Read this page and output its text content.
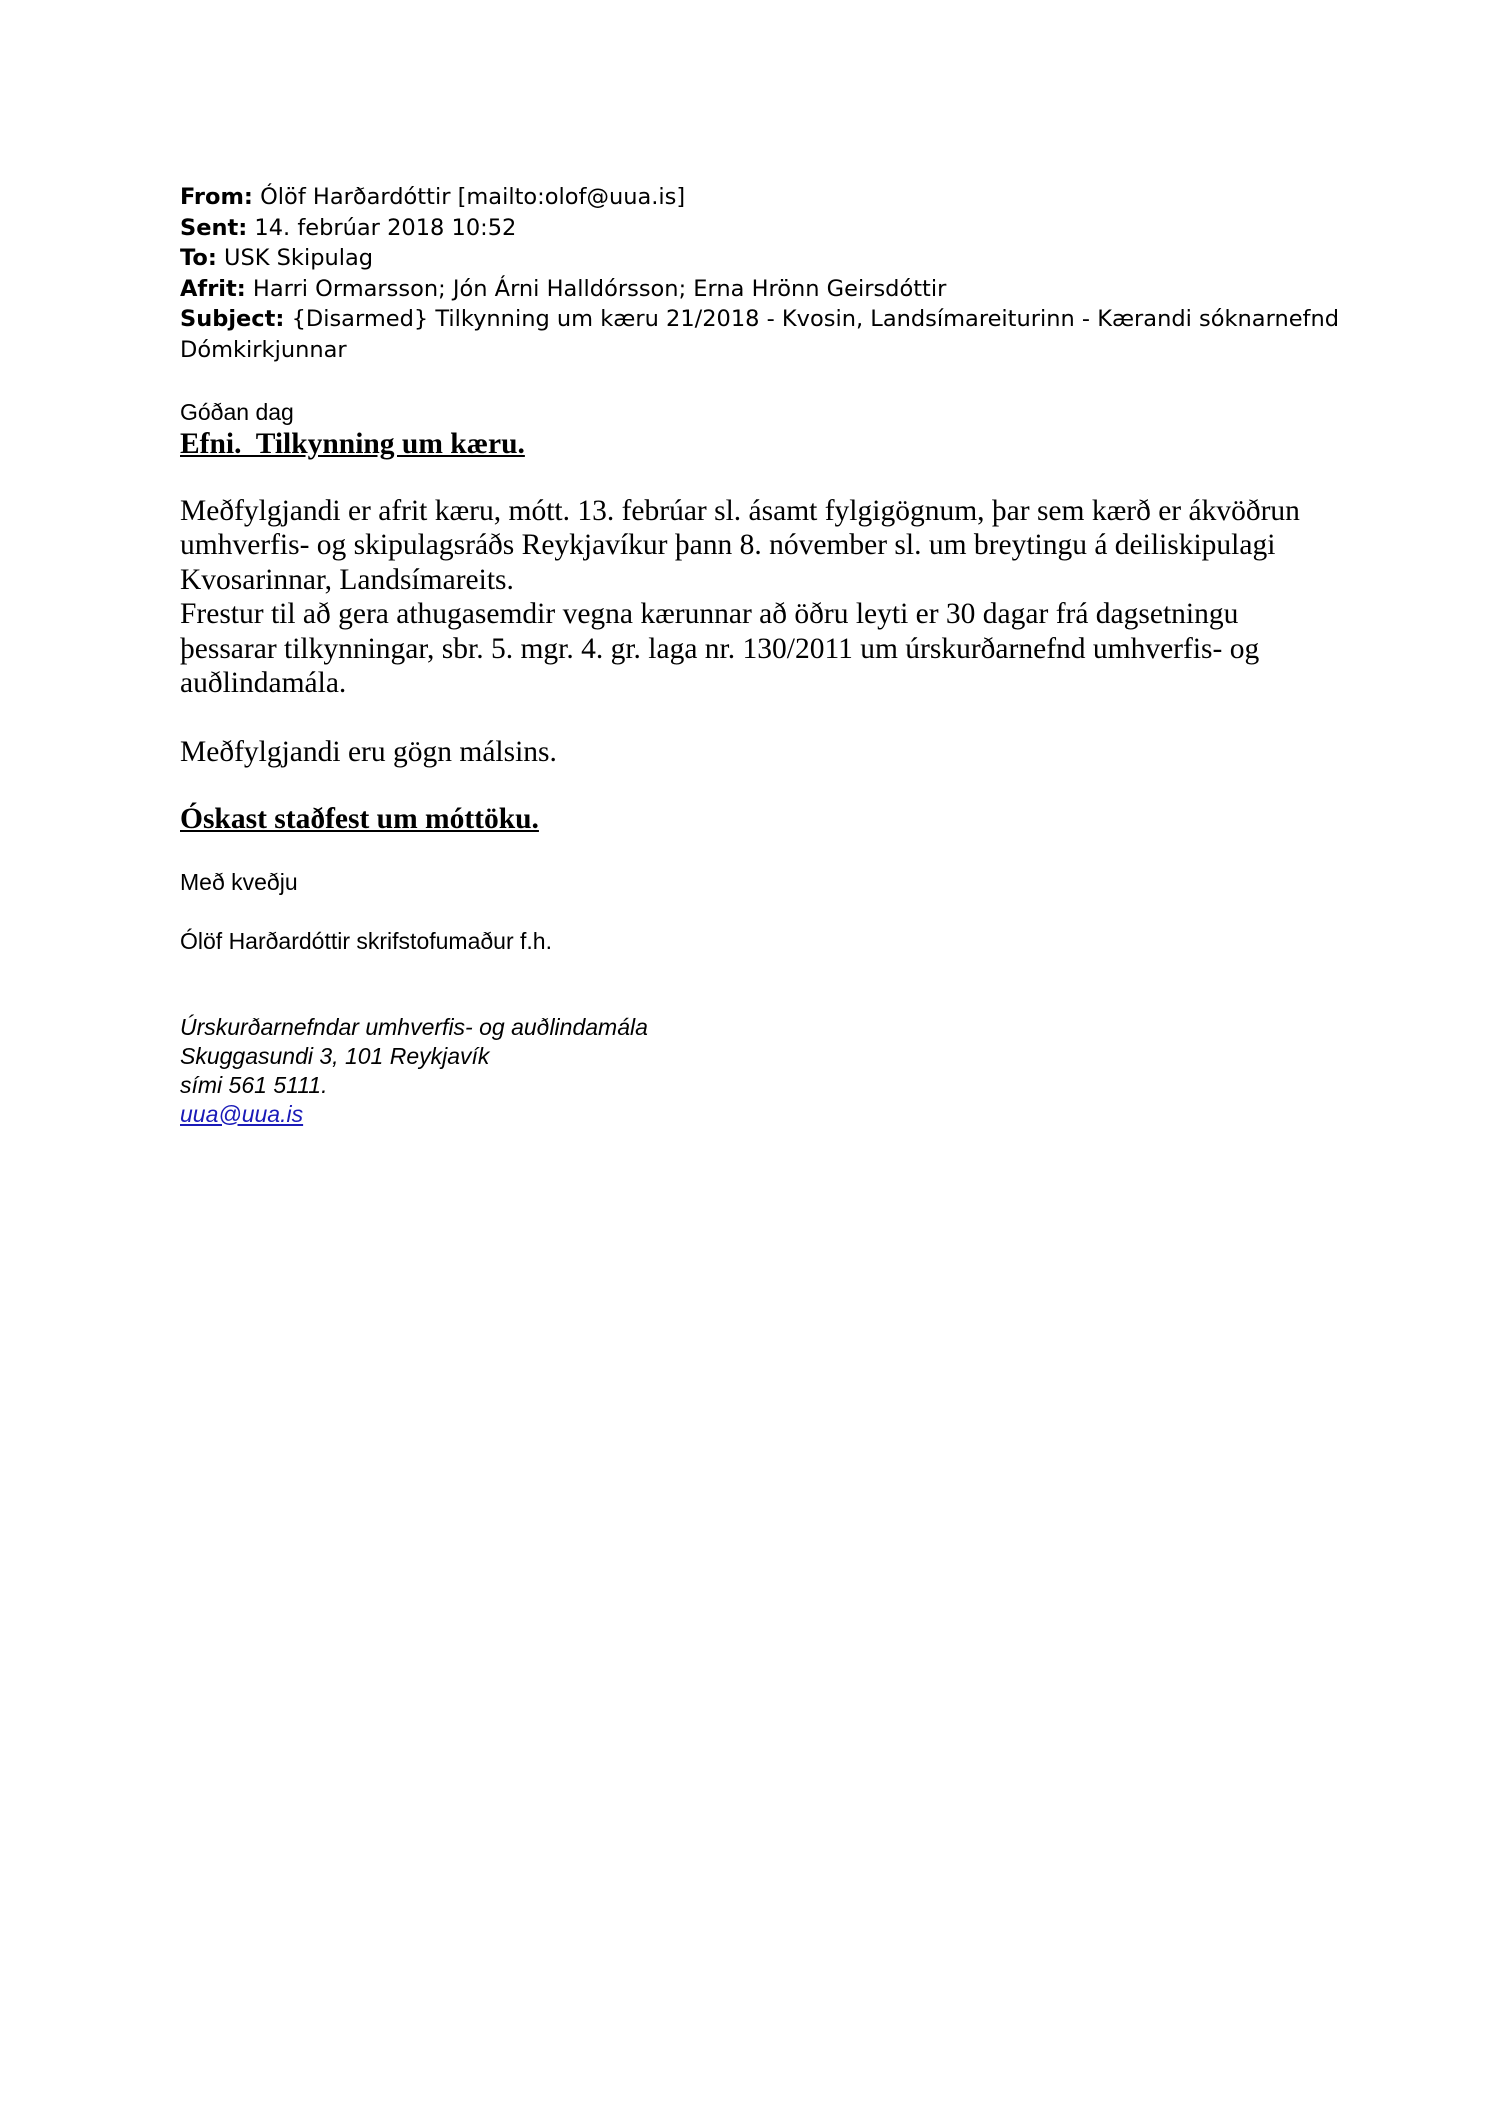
From: Ólöf Harðardóttir [mailto:olof@uua.is]
Sent: 14. febrúar 2018 10:52
To: USK Skipulag
Afrit: Harri Ormarsson; Jón Árni Halldórsson; Erna Hrönn Geirsdóttir
Subject: {Disarmed} Tilkynning um kæru 21/2018 - Kvosin, Landsímareiturinn - Kærandi sóknarnefnd Dómkirkjunnar
Góðan dag
Efni.  Tilkynning um kæru.

Meðfylgjandi er afrit kæru, mótt. 13. febrúar sl. ásamt fylgigögnum, þar sem kærð er ákvöðrun umhverfis- og skipulagsráðs Reykjavíkur þann 8. nóvember sl. um breytingu á deiliskipulagi Kvosarinnar, Landsímareits.

Frestur til að gera athugasemdir vegna kærunnar að öðru leyti er 30 dagar frá dagsetningu þessarar tilkynningar, sbr. 5. mgr. 4. gr. laga nr. 130/2011 um úrskurðarnefnd umhverfis- og auðlindamála.

Meðfylgjandi eru gögn málsins.
Óskast staðfest um móttöku.
Með kveðju
Ólöf Harðardóttir skrifstofumaður f.h.
Úrskurðarnefndar umhverfis- og auðlindamála
Skuggasundi 3, 101 Reykjavík
sími 561 5111.
uua@uua.is
